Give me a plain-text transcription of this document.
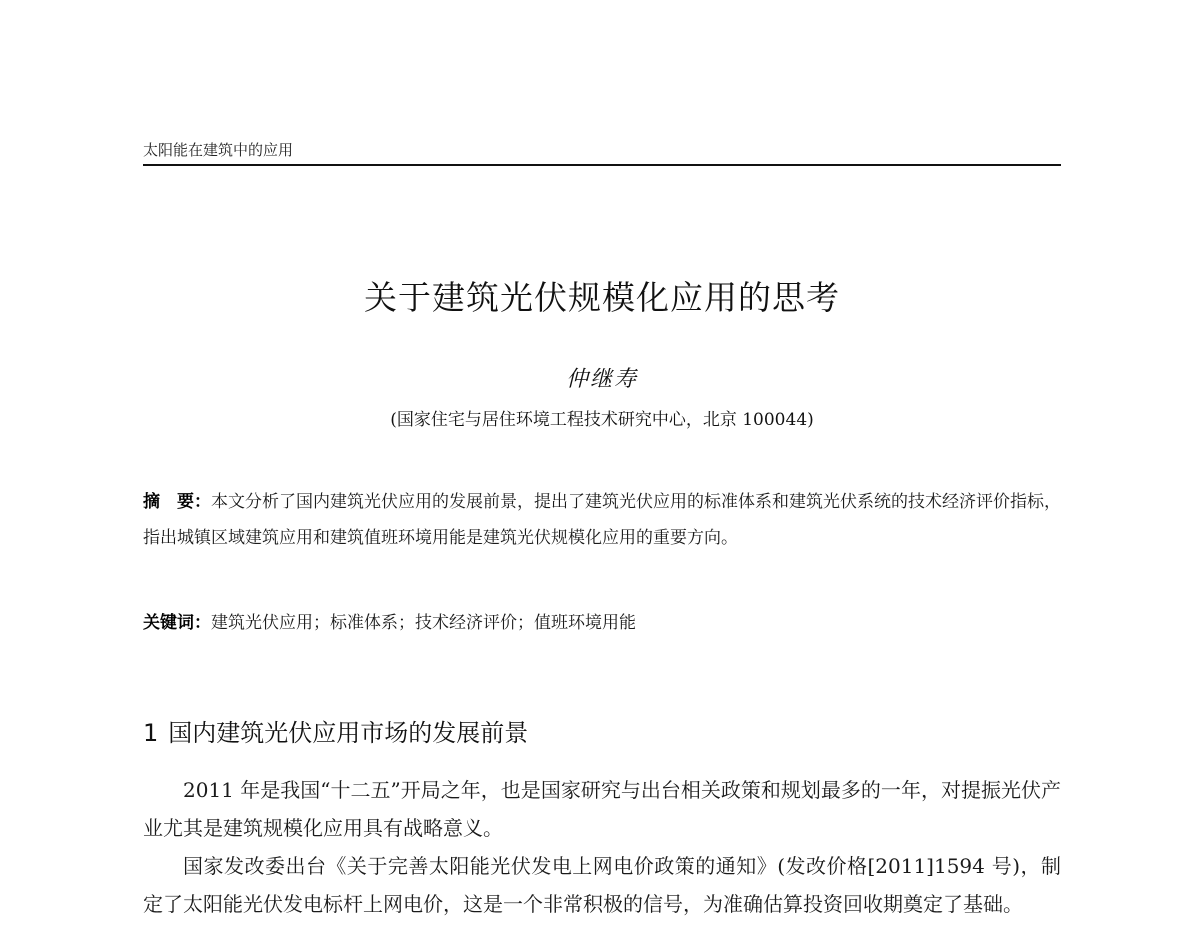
太阳能在建筑中的应用
关于建筑光伏规模化应用的思考
仲继寿
(国家住宅与居住环境工程技术研究中心，北京 100044)
摘　要：本文分析了国内建筑光伏应用的发展前景，提出了建筑光伏应用的标准体系和建筑光伏系统的技术经济评价指标，指出城镇区域建筑应用和建筑值班环境用能是建筑光伏规模化应用的重要方向。
关键词：建筑光伏应用；标准体系；技术经济评价；值班环境用能
1 国内建筑光伏应用市场的发展前景

2011 年是我国“十二五”开局之年，也是国家研究与出台相关政策和规划最多的一年，对提振光伏产业尤其是建筑规模化应用具有战略意义。

国家发改委出台《关于完善太阳能光伏发电上网电价政策的通知》(发改价格[2011]1594 号)，制定了太阳能光伏发电标杆上网电价，这是一个非常积极的信号，为准确估算投资回收期奠定了基础。
